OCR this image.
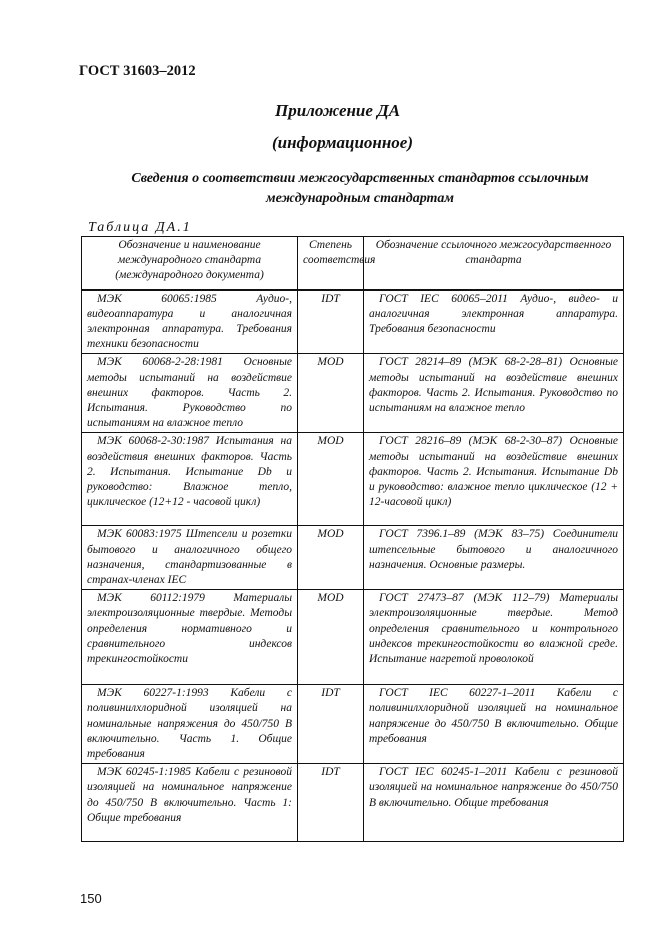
ГОСТ 31603–2012
Приложение ДА
(информационное)
Сведения о соответствии межгосударственных стандартов ссылочным международным стандартам
Таблица ДА.1
Обозначение и наименование международного стандарта (международного документа)	Степень соответствия	Обозначение ссылочного межгосударственного стандарта
МЭК 60065:1985 Аудио-, видеоаппаратура и аналогичная электронная аппаратура. Требования техники безопасности	IDT	ГОСТ IEC 60065–2011 Аудио-, видео- и аналогичная электронная аппаратура. Требования безопасности
МЭК 60068-2-28:1981 Основные методы испытаний на воздействие внешних факторов. Часть 2. Испытания. Руководство по испытаниям на влажное тепло	MOD	ГОСТ 28214–89 (МЭК 68-2-28–81) Основные методы испытаний на воздействие внешних факторов. Часть 2. Испытания. Руководство по испытаниям на влажное тепло
МЭК 60068-2-30:1987 Испытания на воздействия внешних факторов. Часть 2. Испытания. Испытание Db и руководство: Влажное тепло, циклическое (12+12 - часовой цикл)	MOD	ГОСТ 28216–89 (МЭК 68-2-30–87) Основные методы испытаний на воздействие внешних факторов. Часть 2. Испытания. Испытание Db и руководство: влажное тепло циклическое (12 + 12-часовой цикл)
МЭК 60083:1975 Штепсели и розетки бытового и аналогичного общего назначения, стандартизованные в странах-членах IEC	MOD	ГОСТ 7396.1–89 (МЭК 83–75) Соединители штепсельные бытового и аналогичного назначения. Основные размеры.
МЭК 60112:1979 Материалы электроизоляционные твердые. Методы определения нормативного и сравнительного индексов трекингостойкости	MOD	ГОСТ 27473–87 (МЭК 112–79) Материалы электроизоляционные твердые. Метод определения сравнительного и контрольного индексов трекингостойкости во влажной среде. Испытание нагретой проволокой
МЭК 60227-1:1993 Кабели с поливинилхлоридной изоляцией на номинальные напряжения до 450/750 В включительно. Часть 1. Общие требования	IDT	ГОСТ IEC 60227-1–2011 Кабели с поливинилхлоридной изоляцией на номинальное напряжение до 450/750 В включительно. Общие требования
МЭК 60245-1:1985 Кабели с резиновой изоляцией на номинальное напряжение до 450/750 В включительно. Часть 1: Общие требования	IDT	ГОСТ IEC 60245-1–2011 Кабели с резиновой изоляцией на номинальное напряжение до 450/750 В включительно. Общие требования
150
